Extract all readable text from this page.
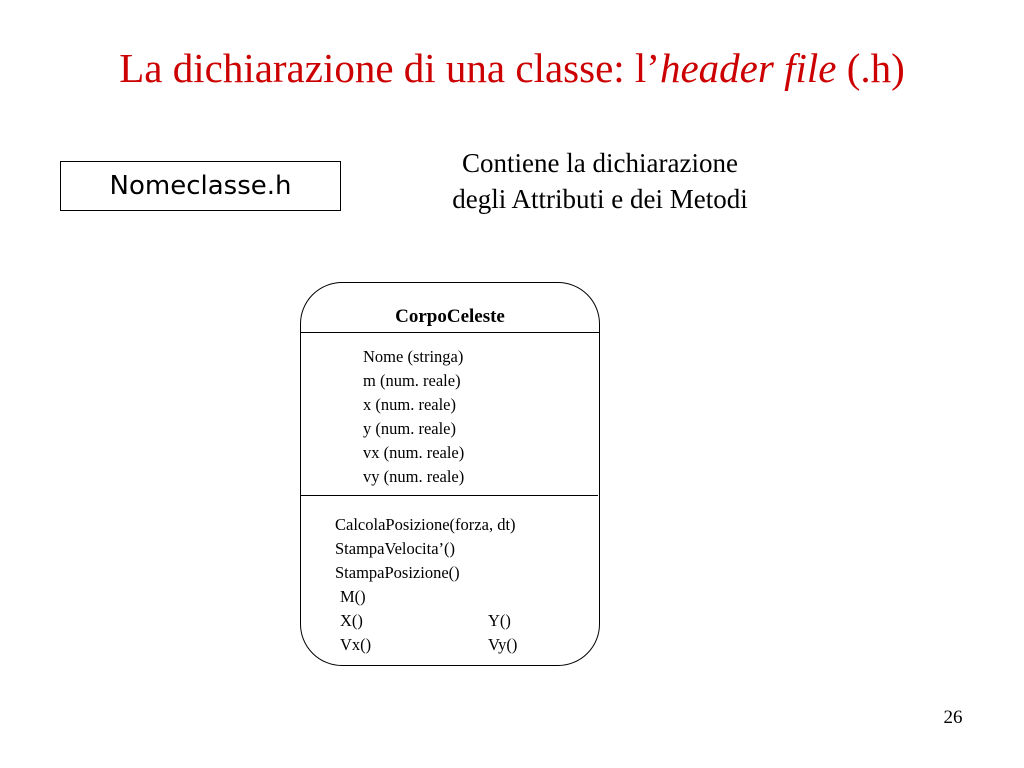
La dichiarazione di una classe: l’header file (.h)
Nomeclasse.h
Contiene la dichiarazione
degli Attributi e dei Metodi
CorpoCeleste
Nome (stringa)
m (num. reale)
x (num. reale)
y (num. reale)
vx (num. reale)
vy (num. reale)
CalcolaPosizione(forza, dt)
StampaVelocita’()
StampaPosizione()
M()
X()	Y()
Vx()	Vy()
26
